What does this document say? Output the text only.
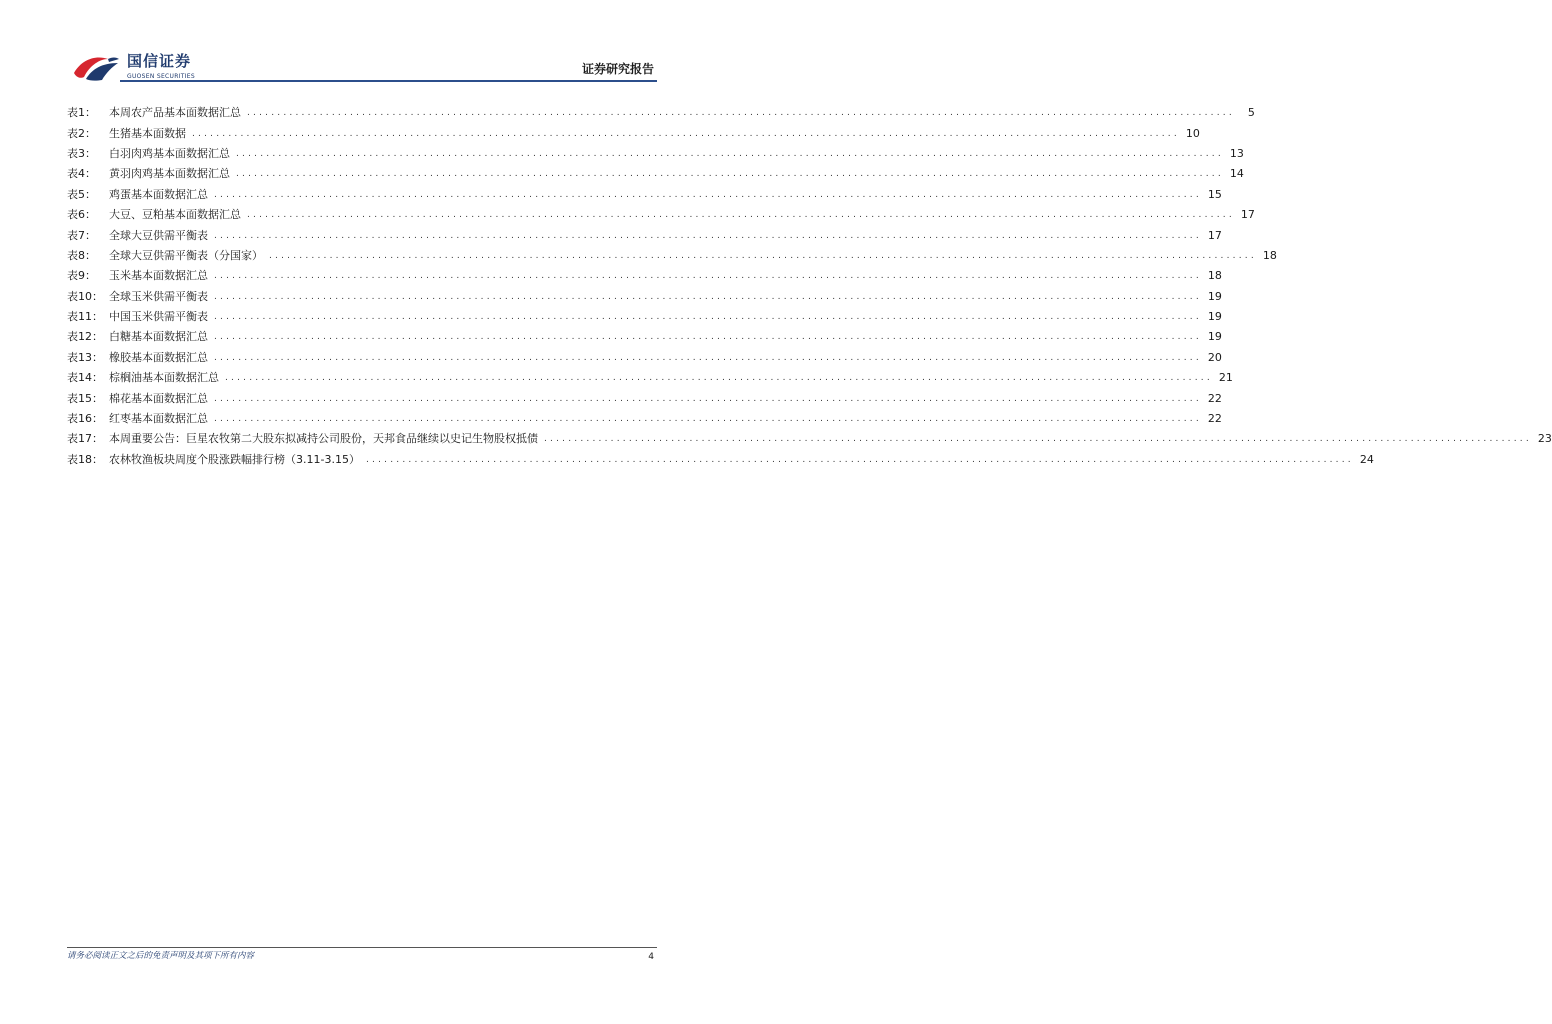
国信证券
GUOSEN SECURITIES
证券研究报告
表1：	本周农产品基本面数据汇总 ...................................................................................................................................................................	5
表2：	生猪基本面数据 ................................................................................................................................................................... 10
表3：	白羽肉鸡基本面数据汇总 ................................................................................................................................................................... 13
表4：	黄羽肉鸡基本面数据汇总 ................................................................................................................................................................... 14
表5：	鸡蛋基本面数据汇总 ................................................................................................................................................................... 15
表6：	大豆、豆粕基本面数据汇总 ................................................................................................................................................................... 17
表7：	全球大豆供需平衡表 ................................................................................................................................................................... 17
表8：	全球大豆供需平衡表（分国家） ................................................................................................................................................................... 18
表9：	玉米基本面数据汇总 ................................................................................................................................................................... 18
表10： 全球玉米供需平衡表 ................................................................................................................................................................... 19
表11： 中国玉米供需平衡表 ................................................................................................................................................................... 19
表12： 白糖基本面数据汇总 ................................................................................................................................................................... 19
表13： 橡胶基本面数据汇总 ................................................................................................................................................................... 20
表14： 棕榈油基本面数据汇总 ................................................................................................................................................................... 21
表15： 棉花基本面数据汇总 ................................................................................................................................................................... 22
表16： 红枣基本面数据汇总 ................................................................................................................................................................... 22
表17： 本周重要公告：巨星农牧第二大股东拟减持公司股份，天邦食品继续以史记生物股权抵债 ................................................................................................................................................................... 23
表18： 农林牧渔板块周度个股涨跌幅排行榜（3.11-3.15） ................................................................................................................................................................... 24
请务必阅读正文之后的免责声明及其项下所有内容	4
